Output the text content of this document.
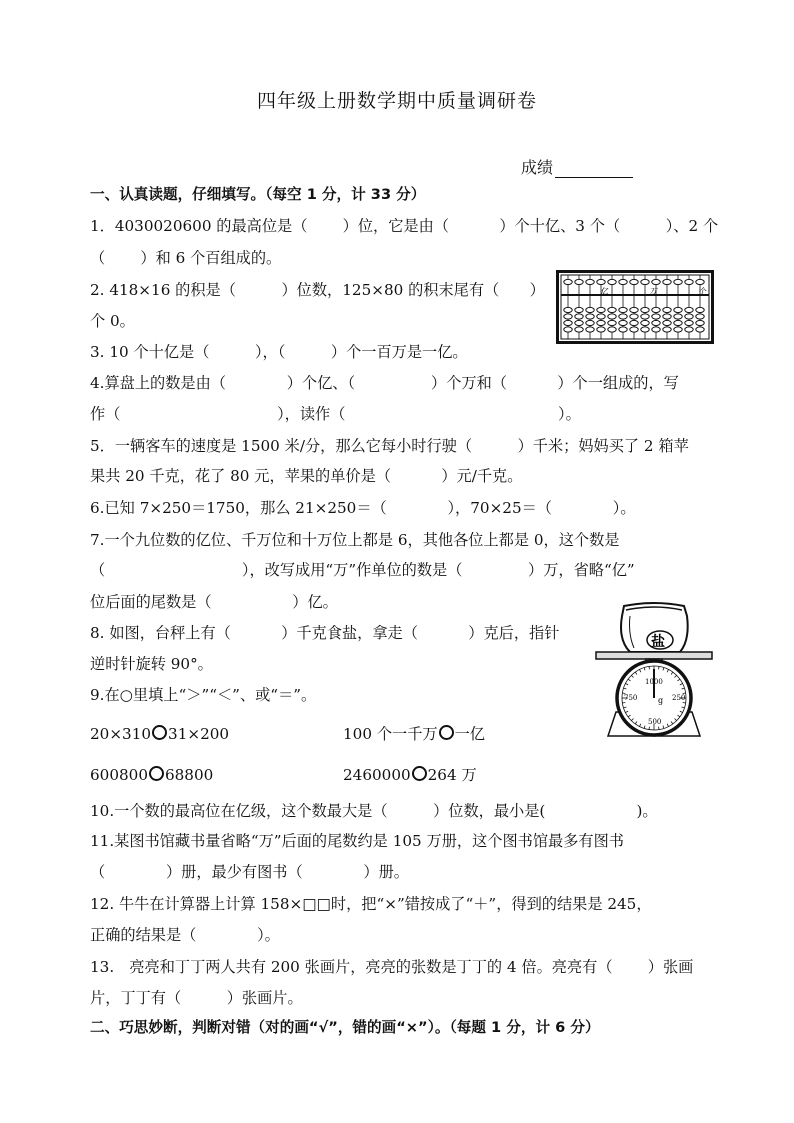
四年级上册数学期中质量调研卷
成绩
一、认真读题，仔细填写。（每空 1 分，计 33 分）
1．4030020600 的最高位是（　　 ）位，它是由（　　　 ）个十亿、3 个（　　　）、2 个
（　　 ）和 6 个百组成的。
2. 418×16 的积是（　　　）位数，125×80 的积末尾有（　　）
个 0。
3. 10 个十亿是（　　　），（　　　）个一百万是一亿。
4.算盘上的数是由（　　　　）个亿、（　　　　　）个万和（　　　 ）个一组成的，写
作（　　　　　　　　　　 ），读作（　　　　　　　　　　　　　　）。
5．一辆客车的速度是 1500 米/分，那么它每小时行驶（　　　）千米；妈妈买了 2 箱苹
果共 20 千克，花了 80 元，苹果的单价是（　　　 ）元/千克。
6.已知 7×250＝1750，那么 21×250＝（　　　　），70×25＝（　　　　）。
7.一个九位数的亿位、千万位和十万位上都是 6，其他各位上都是 0，这个数是
（　　　　　　　　　），改写成用“万”作单位的数是（　　　　 ）万，省略“亿”
位后面的尾数是（　　　　　 ）亿。
8. 如图，台秤上有（　　　 ）千克食盐，拿走（　　　 ）克后，指针
逆时针旋转 90°。
9.在○里填上“＞”“＜”、或“＝”。
20×310 31×200	100 个一千万 一亿
600800 68800	2460000 264 万
10.一个数的最高位在亿级，这个数最大是（　　　）位数，最小是(　　　　　　)。
11.某图书馆藏书量省略“万”后面的尾数约是 105 万册，这个图书馆最多有图书
（　　　　）册，最少有图书（　　　　）册。
12. 牛牛在计算器上计算 158×□□时，把“×”错按成了“＋”，得到的结果是 245，
正确的结果是（　　　　）。
13.　亮亮和丁丁两人共有 200 张画片，亮亮的张数是丁丁的 4 倍。亮亮有（　　 ）张画
片，丁丁有（　　　）张画片。
二、巧思妙断，判断对错（对的画“√”，错的画“×”）。（每题 1 分，计 6 分）
亿	万	个
盐
1000
750	250
500
g
